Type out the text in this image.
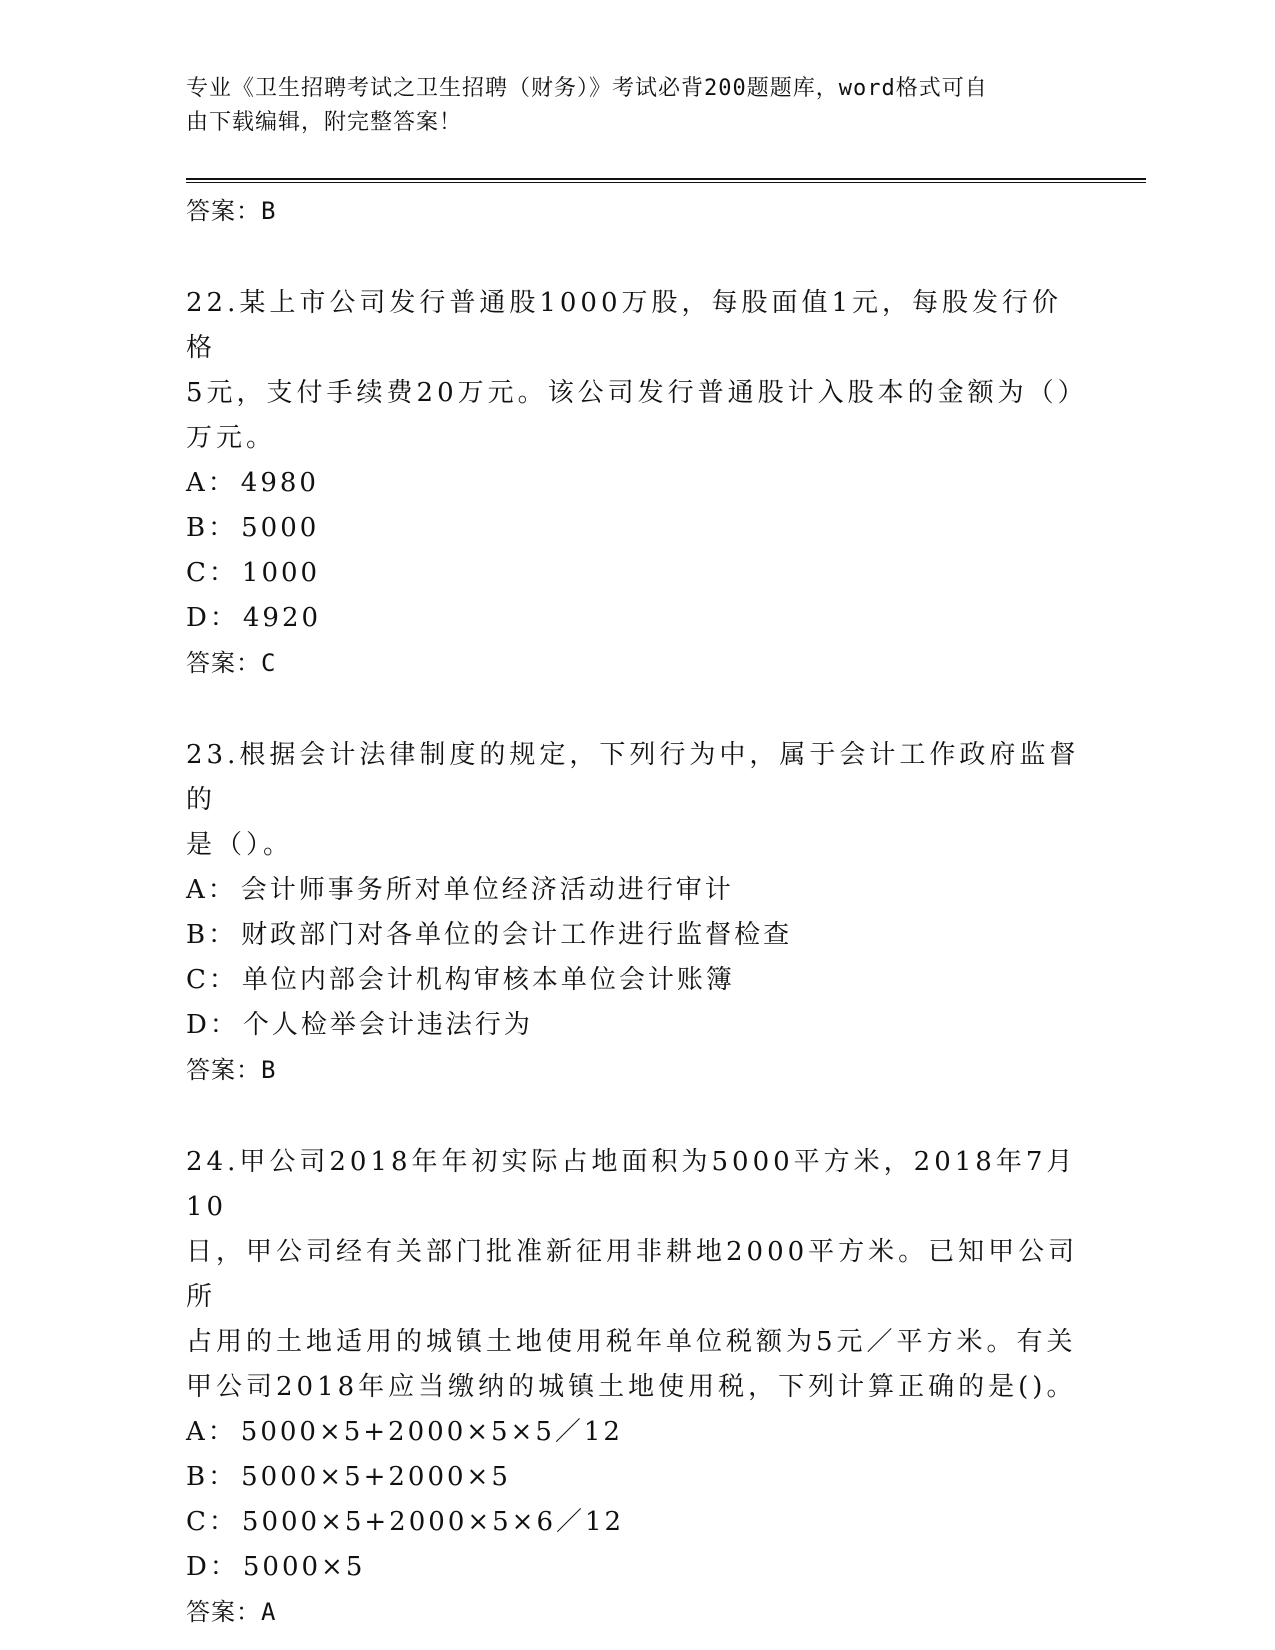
专业《卫生招聘考试之卫生招聘（财务）》考试必背200题题库，word格式可自
由下载编辑，附完整答案！
答案：B
22.某上市公司发行普通股1000万股，每股面值1元，每股发行价格
5元，支付手续费20万元。该公司发行普通股计入股本的金额为（）
万元。
A： 4980
B： 5000
C： 1000
D： 4920
答案：C
23.根据会计法律制度的规定，下列行为中，属于会计工作政府监督的
是（）。
A： 会计师事务所对单位经济活动进行审计
B： 财政部门对各单位的会计工作进行监督检查
C： 单位内部会计机构审核本单位会计账簿
D： 个人检举会计违法行为
答案：B
24.甲公司2018年年初实际占地面积为5000平方米，2018年7月10
日，甲公司经有关部门批准新征用非耕地2000平方米。已知甲公司所
占用的土地适用的城镇土地使用税年单位税额为5元／平方米。有关
甲公司2018年应当缴纳的城镇土地使用税，下列计算正确的是()。
A： 5000×5+2000×5×5／12
B： 5000×5+2000×5
C： 5000×5+2000×5×6／12
D： 5000×5
答案：A
